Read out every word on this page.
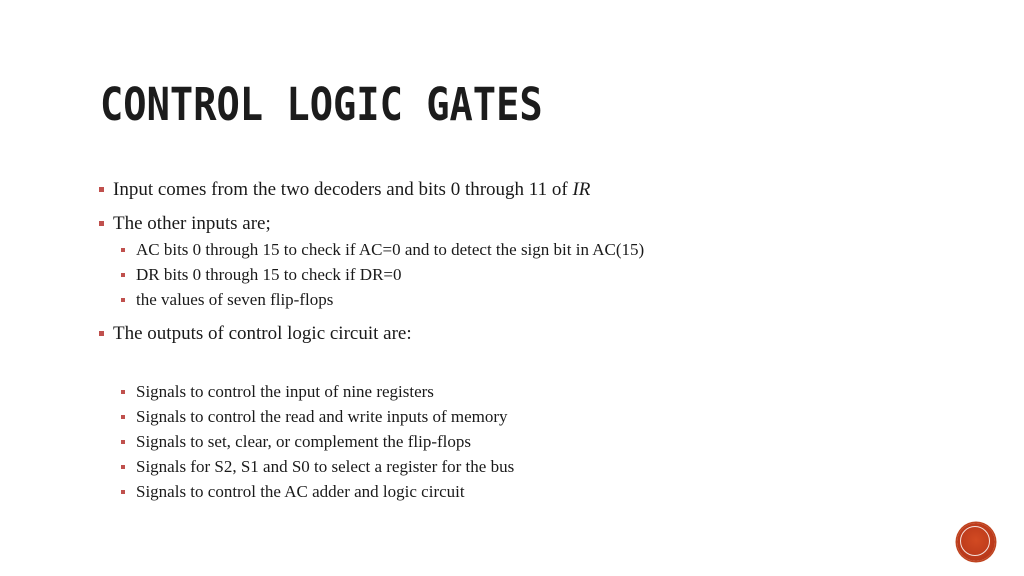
CONTROL LOGIC GATES
Input comes from the two decoders and bits 0 through 11 of IR
The other inputs are;
AC bits 0 through 15 to check if AC=0 and to detect the sign bit in AC(15)
DR bits 0 through 15 to check if DR=0
the values of seven flip-flops
The outputs of control logic circuit are:
Signals to control the input of nine registers
Signals to control the read and write inputs of memory
Signals to set, clear, or complement the flip-flops
Signals for S2, S1 and S0 to select a register for the bus
Signals to control the AC adder and logic circuit
